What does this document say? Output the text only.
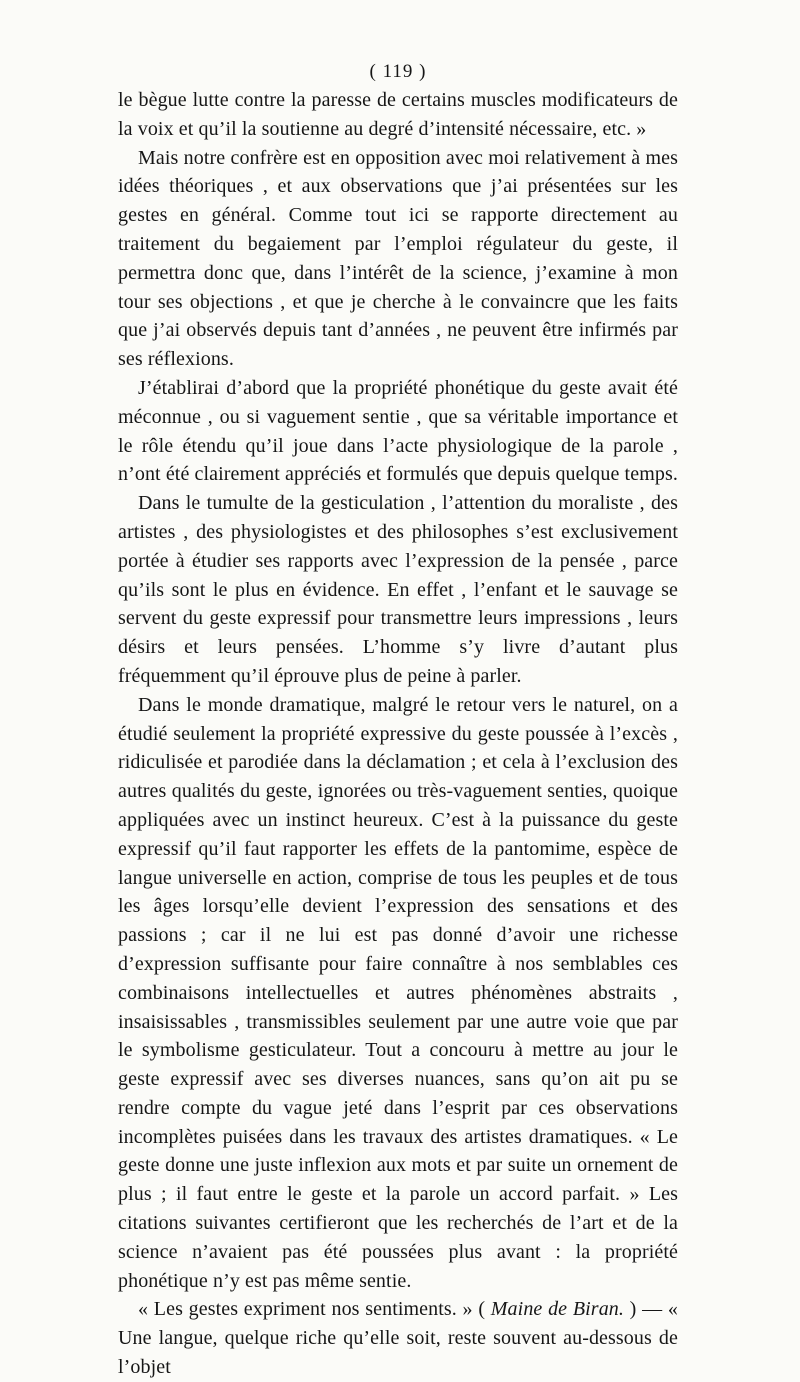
( 119 )

le bègue lutte contre la paresse de certains muscles modificateurs de la voix et qu’il la soutienne au degré d’intensité nécessaire, etc. »

Mais notre confrère est en opposition avec moi relativement à mes idées théoriques , et aux observations que j’ai présentées sur les gestes en général. Comme tout ici se rapporte directement au traitement du begaiement par l’emploi régulateur du geste, il permettra donc que, dans l’intérêt de la science, j’examine à mon tour ses objections , et que je cherche à le convaincre que les faits que j’ai observés depuis tant d’années , ne peuvent être infirmés par ses réflexions.

J’établirai d’abord que la propriété phonétique du geste avait été méconnue , ou si vaguement sentie , que sa véritable importance et le rôle étendu qu’il joue dans l’acte physiologique de la parole , n’ont été clairement appréciés et formulés que depuis quelque temps.

Dans le tumulte de la gesticulation , l’attention du moraliste , des artistes , des physiologistes et des philosophes s’est exclusivement portée à étudier ses rapports avec l’expression de la pensée , parce qu’ils sont le plus en évidence. En effet , l’enfant et le sauvage se servent du geste expressif pour transmettre leurs impressions , leurs désirs et leurs pensées. L’homme s’y livre d’autant plus fréquemment qu’il éprouve plus de peine à parler.

Dans le monde dramatique, malgré le retour vers le naturel, on a étudié seulement la propriété expressive du geste poussée à l’excès , ridiculisée et parodiée dans la déclamation ; et cela à l’exclusion des autres qualités du geste, ignorées ou très-vaguement senties, quoique appliquées avec un instinct heureux. C’est à la puissance du geste expressif qu’il faut rapporter les effets de la pantomime, espèce de langue universelle en action, comprise de tous les peuples et de tous les âges lorsqu’elle devient l’expression des sensations et des passions ; car il ne lui est pas donné d’avoir une richesse d’expression suffisante pour faire connaître à nos semblables ces combinaisons intellectuelles et autres phénomènes abstraits , insaisissables , transmissibles seulement par une autre voie que par le symbolisme gesticulateur. Tout a concouru à mettre au jour le geste expressif avec ses diverses nuances, sans qu’on ait pu se rendre compte du vague jeté dans l’esprit par ces observations incomplètes puisées dans les travaux des artistes dramatiques. « Le geste donne une juste inflexion aux mots et par suite un ornement de plus ; il faut entre le geste et la parole un accord parfait. » Les citations suivantes certifieront que les recherchés de l’art et de la science n’avaient pas été poussées plus avant : la propriété phonétique n’y est pas même sentie.

« Les gestes expriment nos sentiments. » ( Maine de Biran. ) — « Une langue, quelque riche qu’elle soit, reste souvent au-dessous de l’objet
